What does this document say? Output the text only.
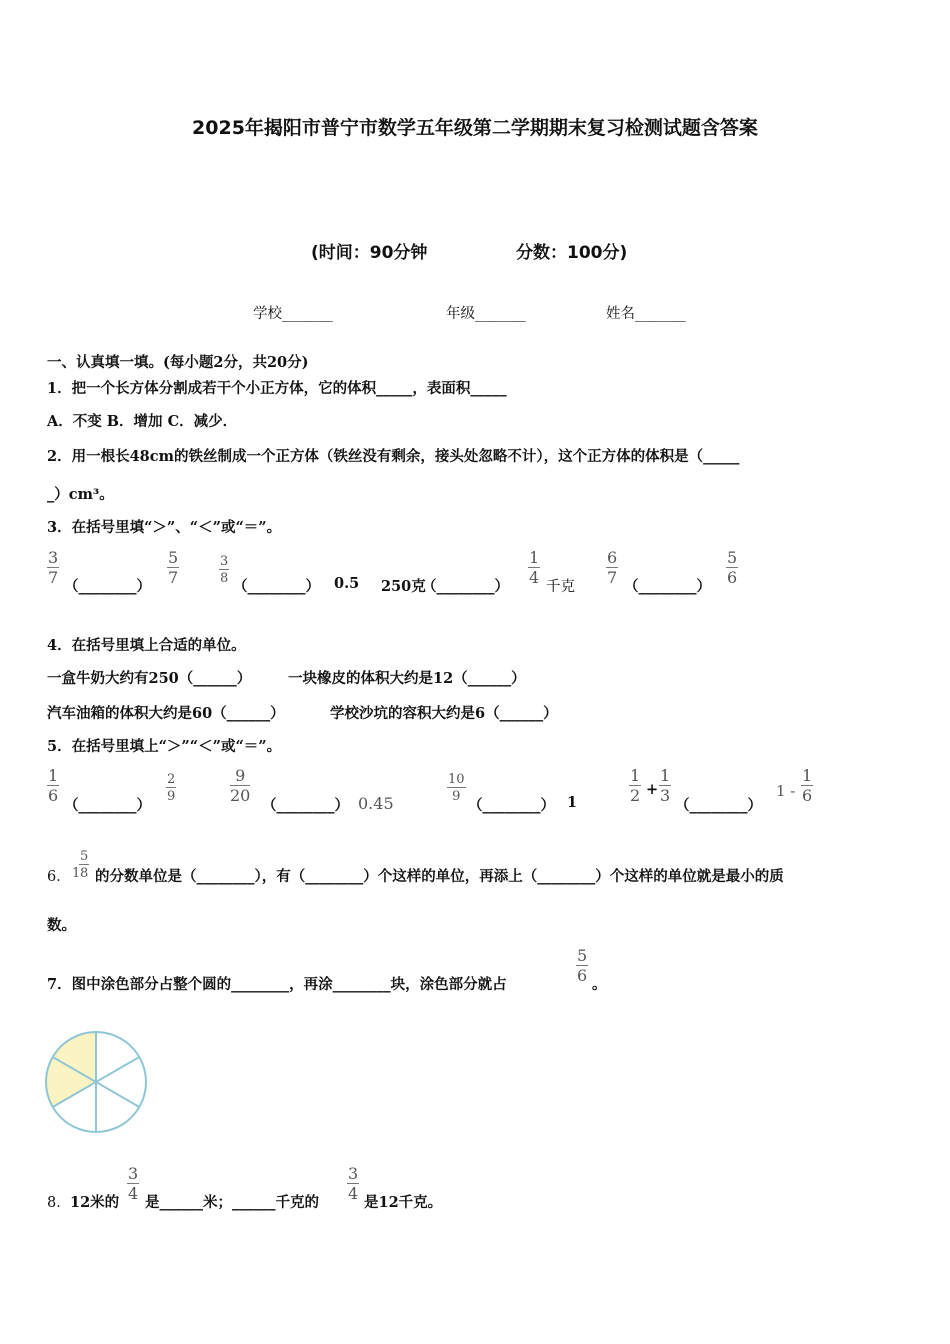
2025年揭阳市普宁市数学五年级第二学期期末复习检测试题含答案
(时间：90分钟	分数：100分)
学校_______	年级_______	姓名_______
一、认真填一填。(每小题2分，共20分)
1．把一个长方体分割成若干个小正方体，它的体积_____，表面积_____
A．不变 B．增加 C．减少．
2．用一根长48cm的铁丝制成一个正方体（铁丝没有剩余，接头处忽略不计），这个正方体的体积是（_____
_）cm³。
3．在括号里填“＞”、“＜”或“＝”。
3
7 （________）
5
7
3
8 （________） 0.5 250克
（________）
1
4 千克
6
7 （________）
5
6
4．在括号里填上合适的单位。
一盒牛奶大约有250（______）	一块橡皮的体积大约是12（______）
汽车油箱的体积大约是60（______）	学校沙坑的容积大约是6（______）
5．在括号里填上“＞”“＜”或“＝”。
1
6
（________）
2
9
9
20
（________） 0.45
10
9
（________） 1
1
2 +
1
3
（________）
1 -
1
6
6． 1
5
8 的分数单位是（________），有（________）个这样的单位，再添上（________）个这样的单位就是最小的质
数。
7．图中涂色部分占整个圆的________，再涂________块，涂色部分就占
5
6 。
8． 12米的
3
4 是______米；______千克的
3
4 是12千克。
